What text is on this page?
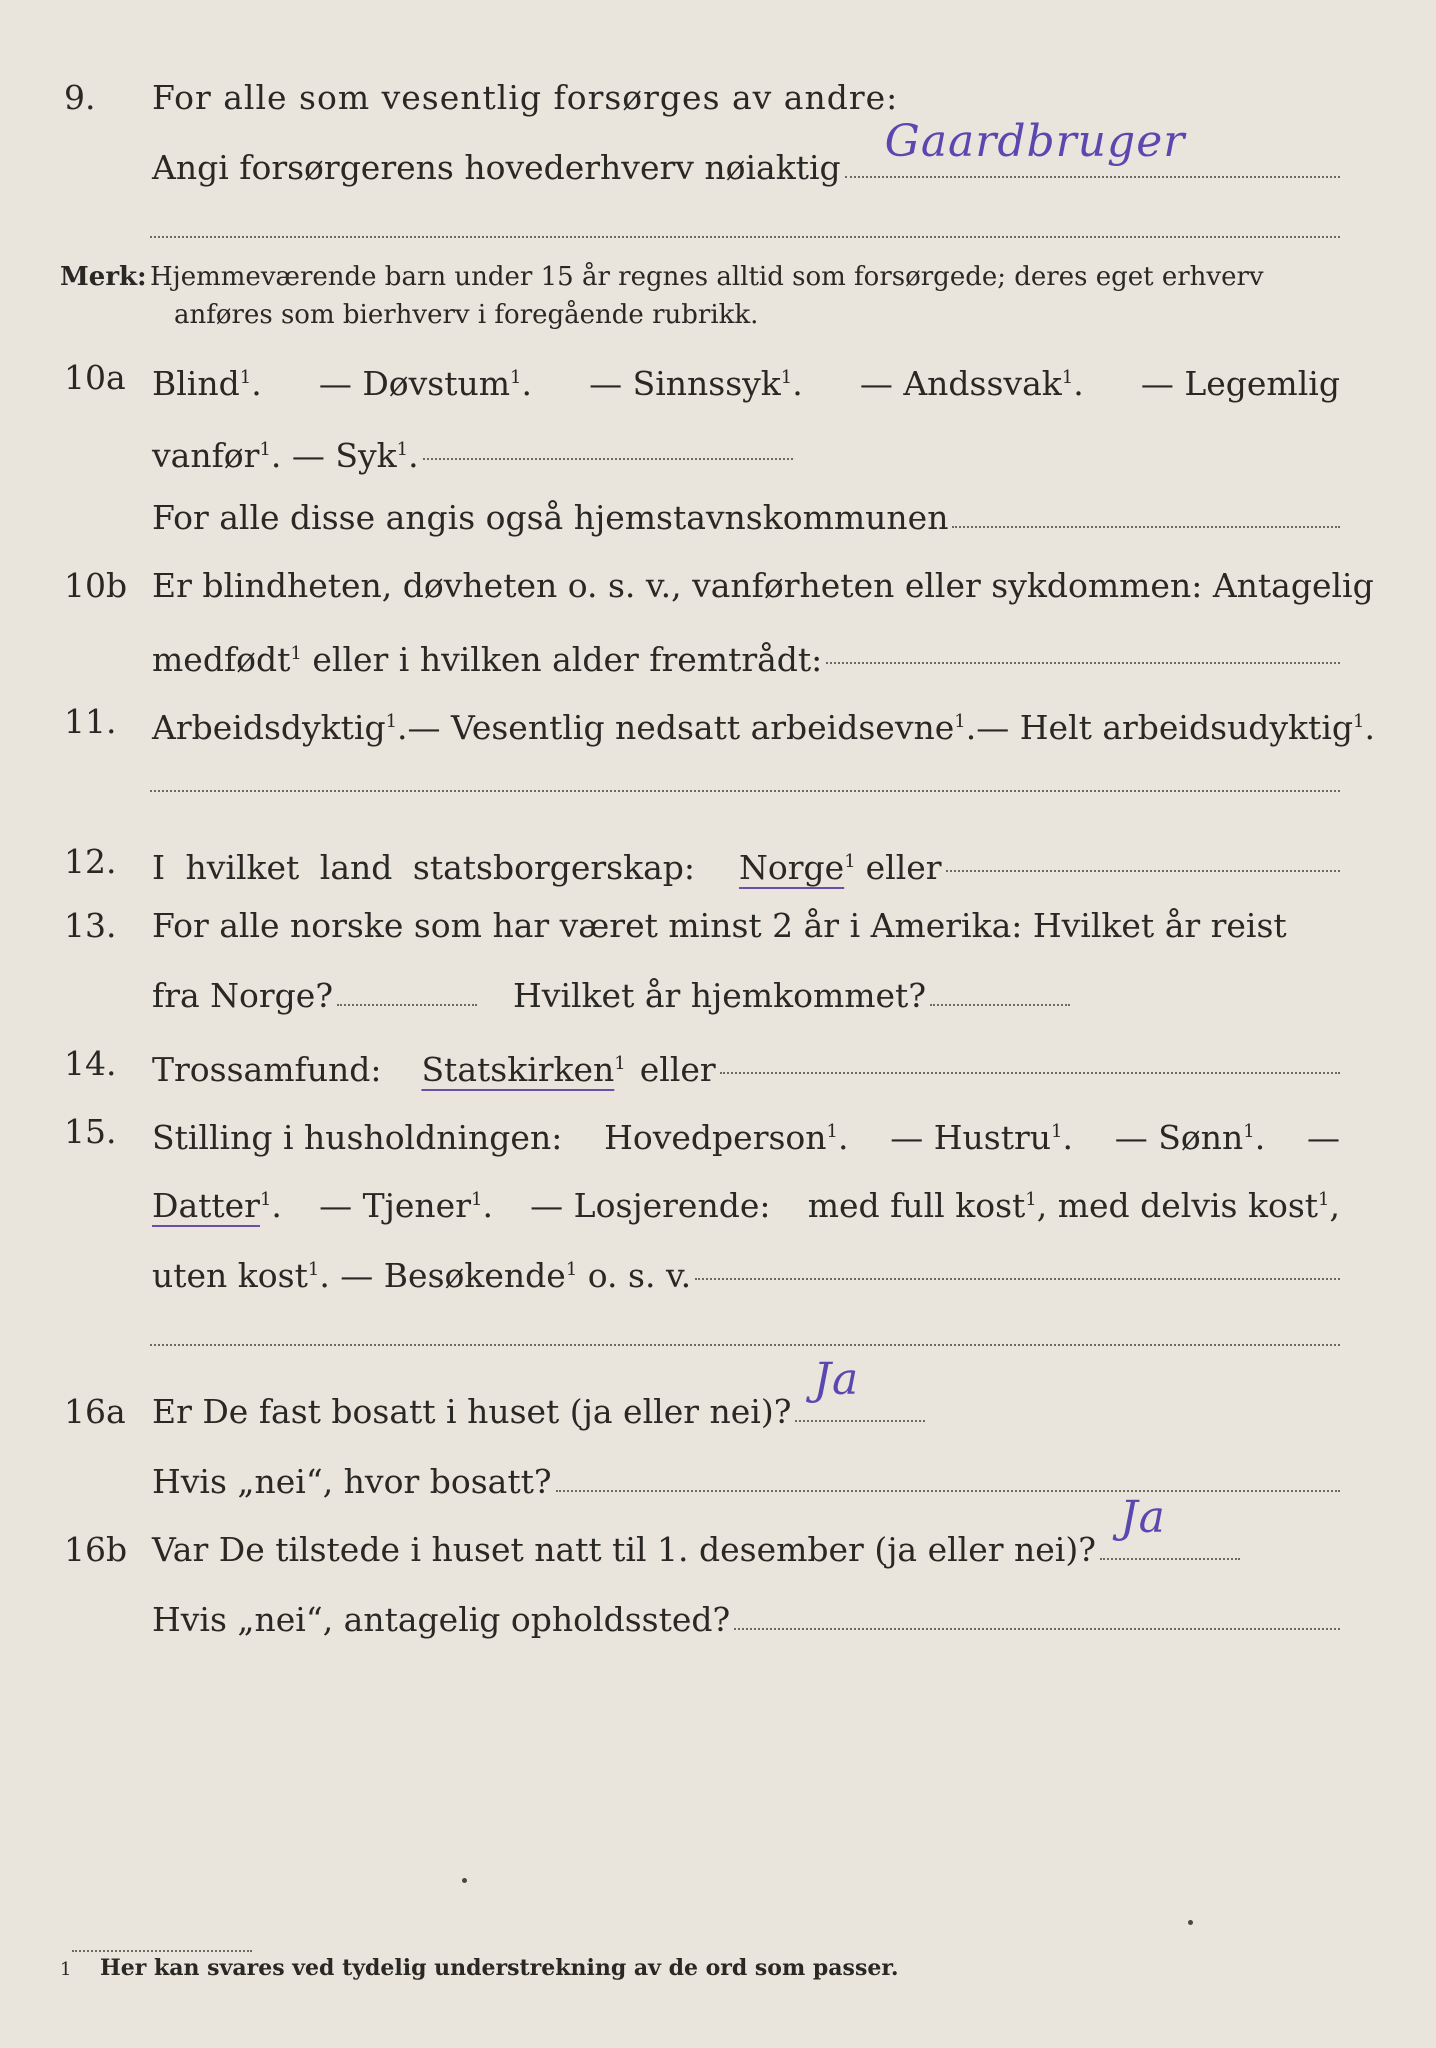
9. For alle som vesentlig forsørges av andre:
Angi forsørgerens hovederhverv nøiaktig
Gaardbruger
Merk: Hjemmeværende barn under 15 år regnes alltid som forsørgede; deres eget erhverv
anføres som bierhverv i foregående rubrikk.
10a Blind$^1$. — Døvstum$^1$. — Sinnssyk$^1$. — Andssvak$^1$. — Legemlig
vanfør$^1$. — Syk$^1$.
For alle disse angis også hjemstavnskommunen
10b Er blindheten, døvheten o. s. v., vanførheten eller sykdommen: Antagelig
medfødt$^1$ eller i hvilken alder fremtrådt:
11. Arbeidsdyktig$^1$. — Vesentlig nedsatt arbeidsevne$^1$. — Helt arbeidsudyktig$^1$.
12. I hvilket land statsborgerskap: Norge$^1$ eller
13. For alle norske som har været minst 2 år i Amerika: Hvilket år reist
fra Norge?	Hvilket år hjemkommet?
14. Trossamfund: Statskirken$^1$ eller
15. Stilling i husholdningen: Hovedperson$^1$. — Hustru$^1$. — Sønn$^1$. —
Datter$^1$. — Tjener$^1$. — Losjerende: med full kost$^1$, med delvis kost$^1$,
uten kost$^1$. — Besøkende$^1$ o. s. v.
16a Er De fast bosatt i huset (ja eller nei)?
Ja
Hvis „nei“, hvor bosatt?
16b Var De tilstede i huset natt til 1. desember (ja eller nei)?
Ja
Hvis „nei“, antagelig opholdssted?
1 Her kan svares ved tydelig understrekning av de ord som passer.
